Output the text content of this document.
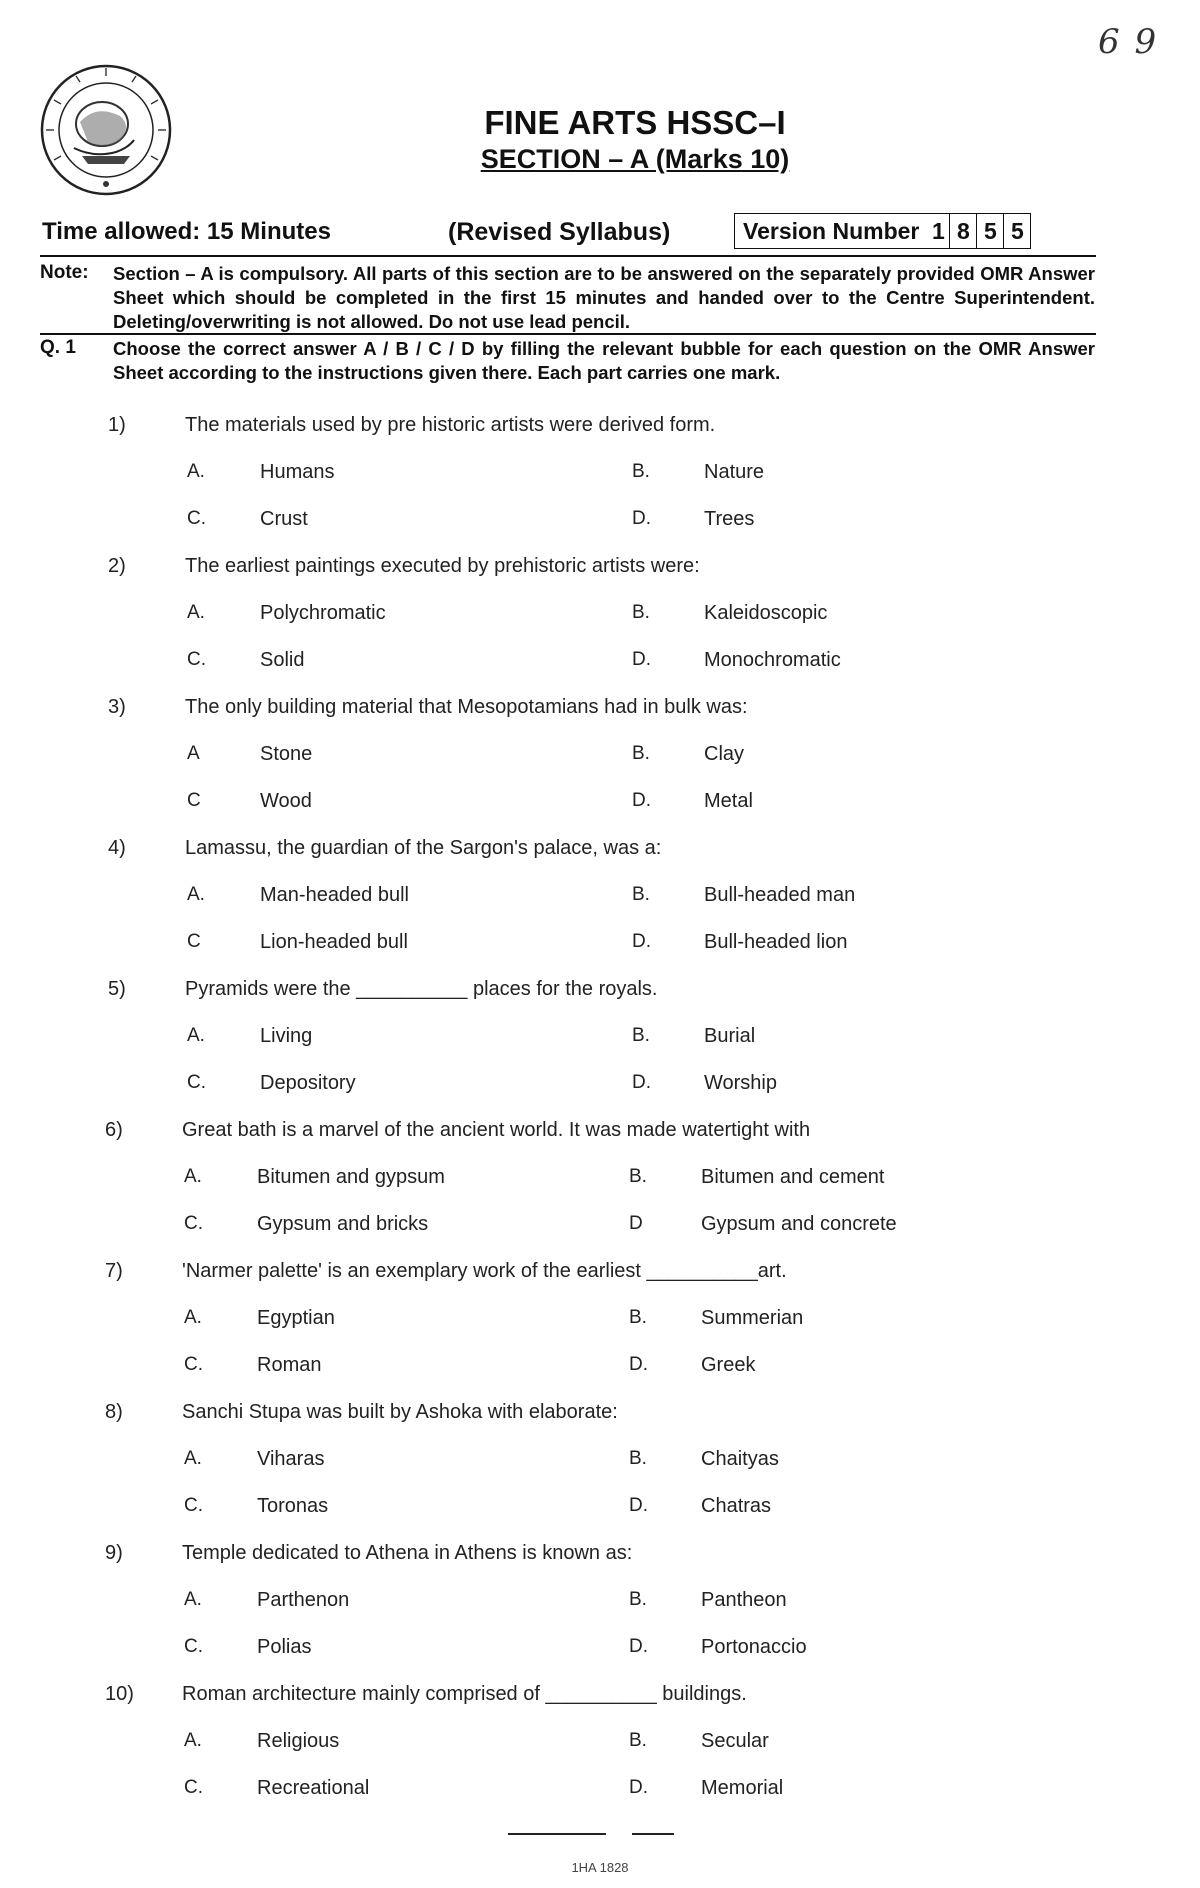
6 9
FINE ARTS HSSC–I
SECTION – A (Marks 10)
Time allowed: 15 Minutes	(Revised Syllabus)	Version Number 1 8 5 5
Note: Section – A is compulsory. All parts of this section are to be answered on the separately provided OMR Answer Sheet which should be completed in the first 15 minutes and handed over to the Centre Superintendent. Deleting/overwriting is not allowed. Do not use lead pencil.
Q. 1 Choose the correct answer A / B / C / D by filling the relevant bubble for each question on the OMR Answer Sheet according to the instructions given there. Each part carries one mark.
1)	The materials used by pre historic artists were derived form.
A.	Humans	B.	Nature
C.	Crust	D.	Trees
2)	The earliest paintings executed by prehistoric artists were:
A.	Polychromatic	B.	Kaleidoscopic
C.	Solid	D.	Monochromatic
3)	The only building material that Mesopotamians had in bulk was:
A	Stone	B.	Clay
C	Wood	D.	Metal
4)	Lamassu, the guardian of the Sargon's palace, was a:
A.	Man-headed bull	B.	Bull-headed man
C	Lion-headed bull	D.	Bull-headed lion
5)	Pyramids were the __________ places for the royals.
A.	Living	B.	Burial
C.	Depository	D.	Worship
6)	Great bath is a marvel of the ancient world. It was made watertight with
A.	Bitumen and gypsum	B.	Bitumen and cement
C.	Gypsum and bricks	D	Gypsum and concrete
7)	'Narmer palette' is an exemplary work of the earliest __________art.
A.	Egyptian	B.	Summerian
C.	Roman	D.	Greek
8)	Sanchi Stupa was built by Ashoka with elaborate:
A.	Viharas	B.	Chaityas
C.	Toronas	D.	Chatras
9)	Temple dedicated to Athena in Athens is known as:
A.	Parthenon	B.	Pantheon
C.	Polias	D.	Portonaccio
10) Roman architecture mainly comprised of __________ buildings.
A.	Religious	B.	Secular
C.	Recreational	D.	Memorial
1HA 1828
